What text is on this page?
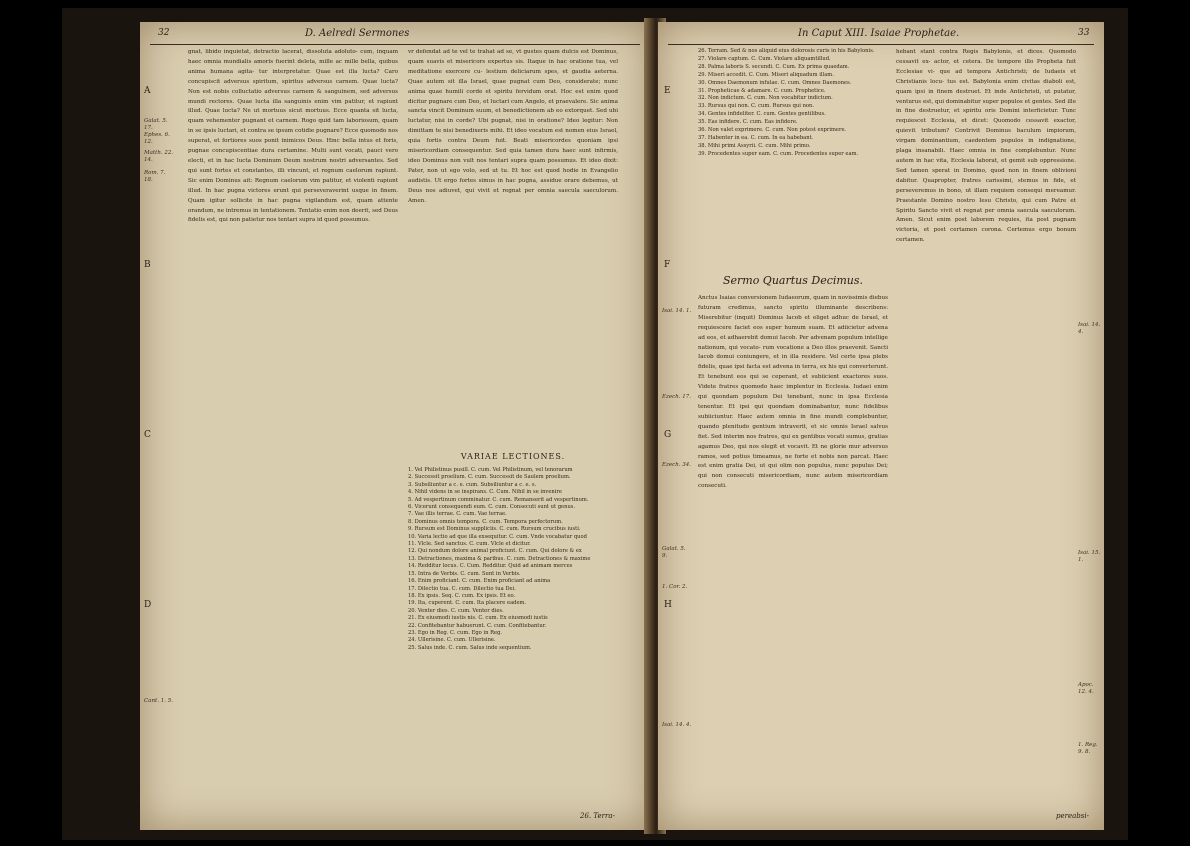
32	D. Aelredi Sermones
A
B
C
D
Galat. 5. 17.
Ephes. 6. 12.
Matth. 22. 14.
Rom. 7. 18.
Cant. 1. 5.
gnat, libido inquietat, detractio lacerat, dissoluta adoluto- cum, inquam haec omnia mundialis amoris fuerint deleta, mille ac mille bella, quibus anima humana agita- tur interpretatur. Quae est illa lucta? Caro concupiscit adversus spiritum, spiritus adversus carnem. Quae lucta? Non est nobis colluctatio adversus carnem & sanguinem, sed adversus mundi rectores. Quae lucta illa sanguinis enim vim patitur, et rapiunt illud. Quae lucta? Ne ut mortuus sicut mortuus. Ecce quanta sit lucta, quam vehementer pugnant et carnem. Rogo quid tam laboriosum, quam in se ipsis luctari, et contra se ipsum cotidie pugnare? Ecce quomodo nos superat, et fortiores suos ponit inimicos Deus. Hinc bella intus et foris, pugnae concupiscentiae dura certamine. Multi sunt vocati, pauci vero electi, et in hac lucta Dominum Deum nostrum nostri adversantes. Sed qui sunt fortes et constantes, illi vincunt, et regnum caelorum rapiunt. Sic enim Dominus ait: Regnum caelorum vim patitur, et violenti rapiunt illud. In hac pugna victores erunt qui perseveraverint usque in finem. Quam igitur sollicite in hac pugna vigilandum est, quam attente orandum, ne intremus in tentationem. Tentatio enim non deerit, sed Deus fidelis est, qui non patietur nos tentari supra id quod possumus.
vr defendat ad te vel te trahat ad se, vt gustes quam dulcis est Dominus, quam suavis et misericors expertus sis. Itaque in hac oratione tua, vel meditatione exercere cu- lestium deliciarum spes, et gaudia aeterna. Quae autem sit illa Israel, quae pugnat cum Deo, considerate; nunc anima quae humili corde et spiritu fervidum orat. Hoc est enim quod dicitur pugnare cum Deo, et luctari cum Angelo, et praevalere. Sic anima sancta vincit Dominum suum, et benedictionem ab eo extorquet. Sed ubi luctatur, nisi in corde? Ubi pugnat, nisi in oratione? Ideo legitur: Non dimittam te nisi benedixeris mihi. Et ideo vocatum est nomen eius Israel, quia fortis contra Deum fuit. Beati misericordes quoniam ipsi misericordiam consequentur. Sed quia tamen dura haec sunt infirmis, ideo Dominus non vult nos tentari supra quam possumus. Et ideo dixit: Pater, non ut ego volo, sed ut tu. Et hoc est quod hodie in Evangelio audistis. Ut ergo fortes simus in hac pugna, assidue orare debemus, ut Deus nos adiuvet, qui vivit et regnat per omnia saecula saeculorum. Amen.
VARIAE LECTIONES.
1. Vel Philistinus pusill. C. cum. Vel Philistinum, vel tenorarum
2. Successit proelium. C. cum. Successit de Saulem proelium.
3. Subsiliuntur a c. e. cum. Subsiliuntur a c. e. s.
4. Nihil videns in se inspirans. C. Cum. Nihil in se invenire
5. Ad vespertinum comminatur. C. cum. Remanserit ad vespertinum.
6. Vicerunt consequendi eum. C. cum. Consecuti sunt ut genus.
7. Vae illis terrae. C. cum. Vae terrae.
8. Dominus omnis tempora. C. cum. Tempora perfectorum.
9. Rursum est Dominus suppliciis. C. cum. Rursum crucibus iusti.
10. Varia lectio ad que illa exsequitur. C. cum. Vnde vocabatur quod
11. Vlcle. Sed sanctus. C. cum. Vlcle et dicitur.
12. Qui nondum dolore animal proficiunt. C. cum. Qui dolore & ex
13. Detractiones, maxima & paribus. C. cum. Detractiones & maxime
14. Redditur locus. C. Cum. Redditur. Quid ad animam merces
15. Intra de Verbis. C. cum. Sunt in Verbis.
16. Enim proficiant. C. cum. Enim proficiant ad anima
17. Dilectio tua. C. cum. Dilectio tua Dei.
18. Ex ipsis. Seq. C. cum. Ex ipsis. Et eo.
19. Ita, cuperent. C. cum. Ita placere eadem.
20. Venter dies. C. cum. Venter dies.
21. Ex eiusmodi iustis nis. C. cum. Ex eiusmodi iustis
22. Confitebantur habuerunt. C. cum. Confitebantur.
23. Ego in Reg. C. cum. Ego in Reg.
24. Ullerisine. C. cum. Ullerisine.
25. Salus inde. C. cum. Salus inde sequentium.
26. Terra-
In Caput XIII. Isaiae Prophetae.	33
E
F
G
H
Isai. 14. 1.
Ezech. 17.
Ezech. 34.
Galat. 5. 9.
1. Cor. 2.
Isai. 14. 4.
26. Terram. Sed & nos aliquid eius dolorosis curis in his Babylonis.
27. Violare captum. C. Cum. Violare aliquamtillud.
28. Palma laboris S. secundi. C. Cum. Ex prima quaedam.
29. Miseri accedit. C. Cum. Miseri aliquadum illam.
30. Omnes Daemonum infulae. C. cum. Omnes Daemones.
31. Propheticae & adamare. C. cum. Prophetice.
32. Non indictum. C. cum. Non vocabitur indictum.
33. Rursus qui non. C. cum. Rursus qui non.
34. Gentes infideliter. C. cum. Gentes gentilibus.
35. Eas infidere. C. cum. Eas infidere.
36. Non valet exprimere. C. cum. Non potest exprimere.
37. Habenter in ea. C. cum. In ea habebant.
38. Mihi primi Assyrii. C. cum. Mihi primo.
39. Procedentes super eam. C. cum. Procedentes super eam.
Sermo Quartus Decimus.
Anctus Isaias conversionem Iudaeorum, quam in novissimis diebus futuram credimus, sancto spiritu illuminante describens: Miserebitur (inquit) Dominus Iacob et eliget adhuc de Israel, et requiescere faciet eos super humum suam. Et adiicietur advena ad eos, et adhaerebit domui Iacob. Per advenam populum intellige nationum, qui vocato- rum vocatione a Deo illos praevenit. Sancti Iacob domui coniungere, et in illa residere. Vel certe ipsa plebs fidelis, quae ipsi facta est advena in terra, ex his qui converterunt. Et tenebunt eos qui se ceperant, et subiicient exactores suos. Videte fratres quomodo haec implentur in Ecclesia. Iudaei enim qui quondam populum Dei tenebant, nunc in ipsa Ecclesia tenentur. Et ipsi qui quondam dominabantur, nunc fidelibus subiiciuntur. Haec autem omnia in fine mundi complebuntur, quando plenitudo gentium intraverit, et sic omnis Israel salvus fiet. Sed interim nos fratres, qui ex gentibus vocati sumus, gratias agamus Deo, qui nos elegit et vocavit. Et ne glorie mur adversus ramos, sed potius timeamus, ne forte et nobis non parcat. Haec est enim gratia Dei, ut qui olim non populus, nunc populus Dei; qui non consecuti misericordiam, nunc autem misericordiam consecuti.
hebant stant contra Regis Babylonis, et dices. Quomodo cessavit ex- actor, et cetera. De tempore illo Propheta fuit Ecclesiae vi- que ad tempora Antichristi; de Iudaeis et Christianis locu- tus est. Babylonia enim civitas diaboli est, quam ipsi in finem destruet. Et inde Antichristi, ut putatur, venturus est, qui dominabitur super populos et gentes. Sed ille in fine destruetur, et spiritu oris Domini interficietur. Tunc requiescet Ecclesia, et dicet: Quomodo cessavit exactor, quievit tributum? Contrivit Dominus baculum impiorum, virgam dominantium, caedentem populos in indignatione, plaga insanabili. Haec omnia in fine complebuntur. Nunc autem in hac vita, Ecclesia laborat, et gemit sub oppressione. Sed tamen sperat in Domino, quod non in finem oblivioni dabitur. Quapropter, fratres carissimi, stemus in fide, et perseveremus in bono, ut illam requiem consequi mereamur. Praestante Domino nostro Iesu Christo, qui cum Patre et Spiritu Sancto vivit et regnat per omnia saecula saeculorum. Amen. Sicut enim post laborem requies, ita post pugnam victoria, et post certamen corona. Certemus ergo bonum certamen.
Isai. 14. 4.
Isai. 15. 1.
Apoc. 12. 4.
1. Reg. 9. 8.
pereabsi-
